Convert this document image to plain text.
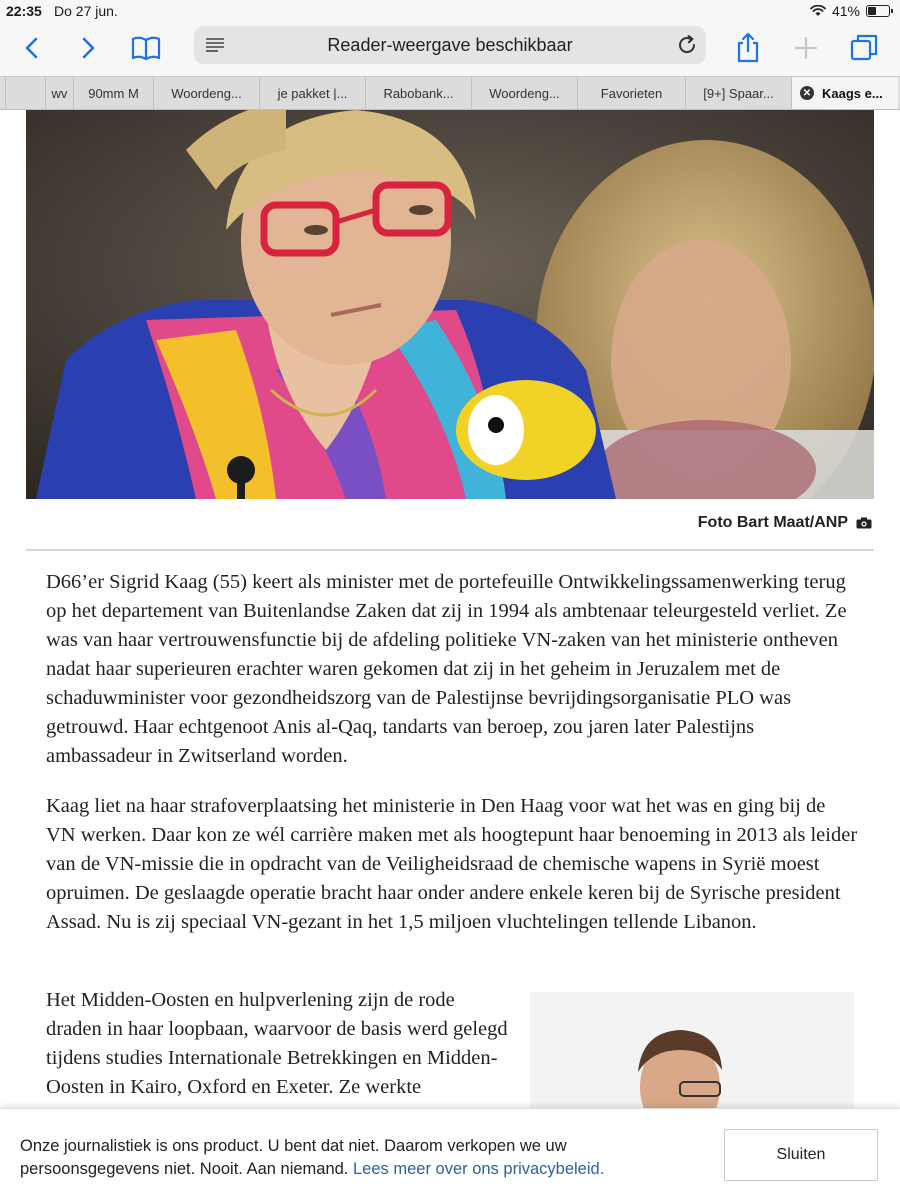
22:35 Do 27 jun.	41%
Reader-weergave beschikbaar
wv 90mm M Woordeng...	je pakket |...	Rabobank...	Woordeng...	Favorieten	[9+] Spaar...	✕ Kaags e...
Foto Bart Maat/ANP

D66’er Sigrid Kaag (55) keert als minister met de portefeuille Ontwikkelingssamenwerking terug op het departement van Buitenlandse Zaken dat zij in 1994 als ambtenaar teleurgesteld verliet. Ze was van haar vertrouwensfunctie bij de afdeling politieke VN-zaken van het ministerie ontheven nadat haar superieuren erachter waren gekomen dat zij in het geheim in Jeruzalem met de schaduwminister voor gezondheidszorg van de Palestijnse bevrijdingsorganisatie PLO was getrouwd. Haar echtgenoot Anis al-Qaq, tandarts van beroep, zou jaren later Palestijns ambassadeur in Zwitserland worden.

Kaag liet na haar strafoverplaatsing het ministerie in Den Haag voor wat het was en ging bij de VN werken. Daar kon ze wél carrière maken met als hoogtepunt haar benoeming in 2013 als leider van de VN-missie die in opdracht van de Veiligheidsraad de chemische wapens in Syrië moest opruimen. De geslaagde operatie bracht haar onder andere enkele keren bij de Syrische president Assad. Nu is zij speciaal VN-gezant in het 1,5 miljoen vluchtelingen tellende Libanon.

Het Midden-Oosten en hulpverlening zijn de rode draden in haar loopbaan, waarvoor de basis werd gelegd tijdens studies Internationale Betrekkingen en Midden-Oosten in Kairo, Oxford en Exeter. Ze werkte

Onze journalistiek is ons product. U bent dat niet. Daarom verkopen we uw persoonsgegevens niet. Nooit. Aan niemand. Lees meer over ons privacybeleid.

Sluiten
